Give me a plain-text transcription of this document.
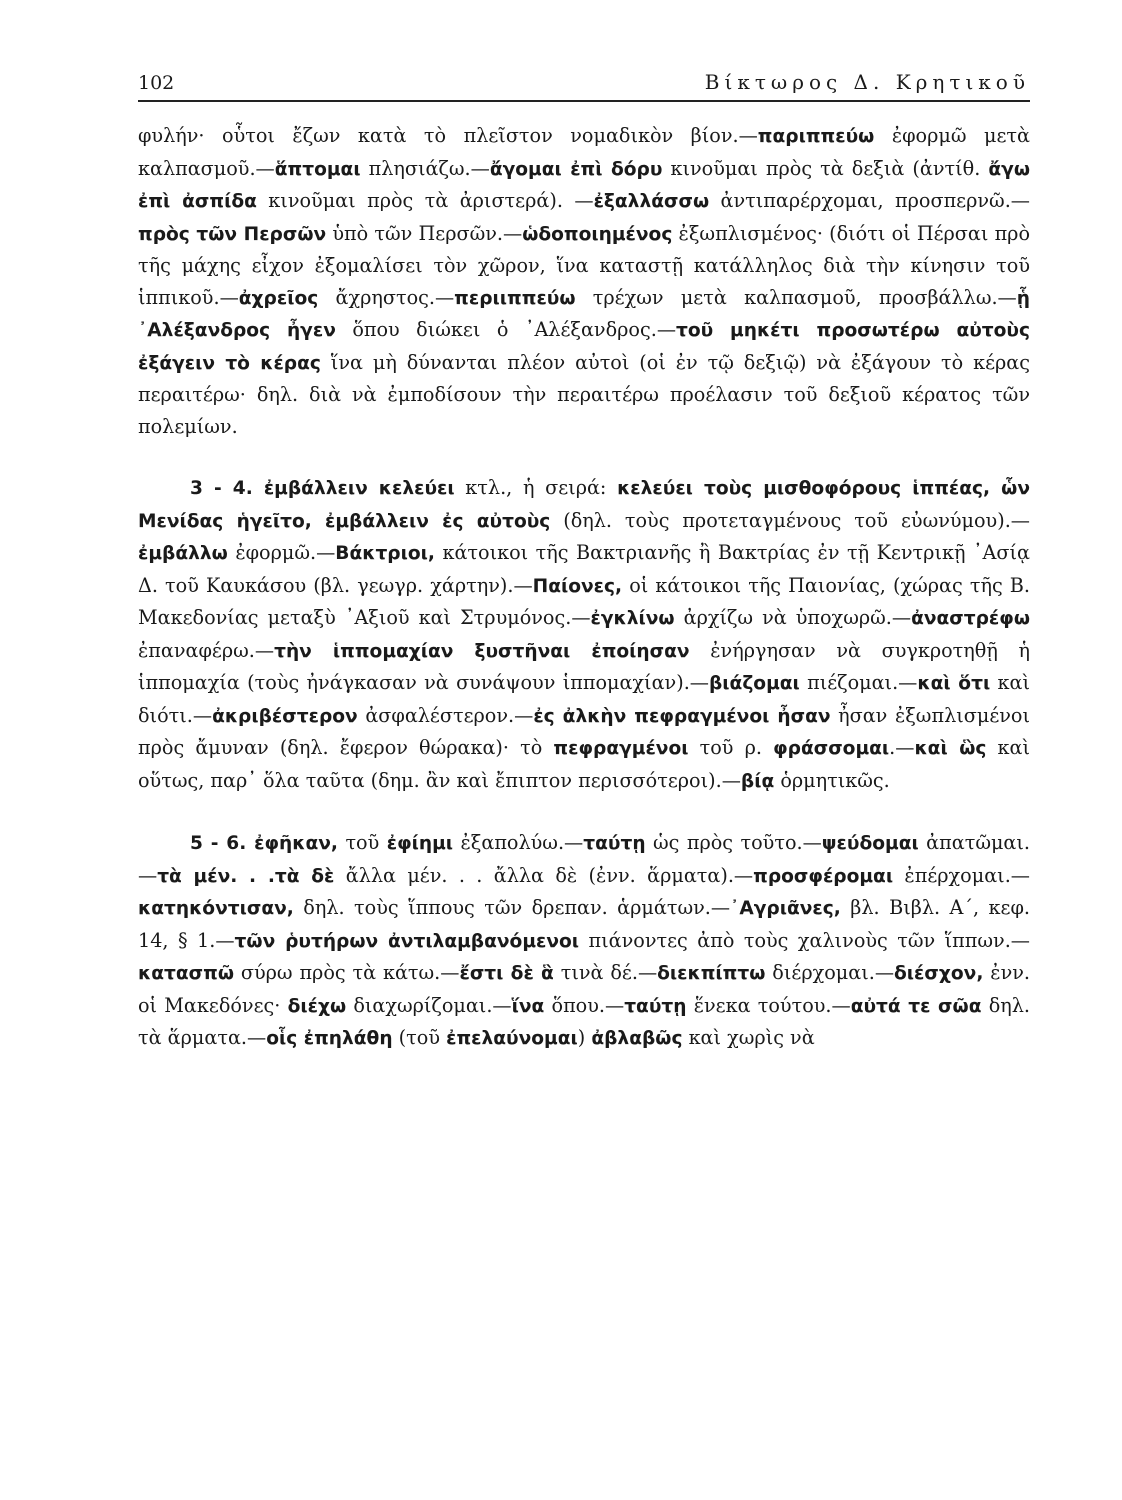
102	Βίκτωρος Δ. Κρητικοῦ

φυλήν· οὗτοι ἔζων κατὰ τὸ πλεῖστον νομαδικὸν βίον.—παριππεύω ἐφορμῶ μετὰ καλπασμοῦ.—ἅπτομαι πλησιάζω.—ἄγομαι ἐπὶ δόρυ κινοῦμαι πρὸς τὰ δεξιὰ (ἀντίθ. ἄγω ἐπὶ ἀσπίδα κινοῦμαι πρὸς τὰ ἀριστερά). —ἐξαλλάσσω ἀντιπαρέρχομαι, προσπερνῶ.—πρὸς τῶν Περσῶν ὑπὸ τῶν Περσῶν.—ὡδοποιημένος ἐξωπλισμένος· (διότι οἱ Πέρσαι πρὸ τῆς μάχης εἶχον ἐξομαλίσει τὸν χῶρον, ἵνα καταστῇ κατάλληλος διὰ τὴν κίνησιν τοῦ ἱππικοῦ.—ἀχρεῖος ἄχρηστος.—περιιππεύω τρέχων μετὰ καλπασμοῦ, προσβάλλω.—ᾗ ᾽Αλέξανδρος ἦγεν ὅπου διώκει ὁ ᾽Αλέξανδρος.—τοῦ μηκέτι προσωτέρω αὐτοὺς ἐξάγειν τὸ κέρας ἵνα μὴ δύνανται πλέον αὐτοὶ (οἱ ἐν τῷ δεξιῷ) νὰ ἐξάγουν τὸ κέρας περαιτέρω· δηλ. διὰ νὰ ἐμποδίσουν τὴν περαιτέρω προέλασιν τοῦ δεξιοῦ κέρατος τῶν πολεμίων.

3 - 4. ἐμβάλλειν κελεύει κτλ., ἡ σειρά: κελεύει τοὺς μισθοφόρους ἱππέας, ὧν Μενίδας ἡγεῖτο, ἐμβάλλειν ἐς αὐτοὺς (δηλ. τοὺς προτεταγμένους τοῦ εὐωνύμου).—ἐμβάλλω ἐφορμῶ.—Βάκτριοι, κάτοικοι τῆς Βακτριανῆς ἢ Βακτρίας ἐν τῇ Κεντρικῇ ᾽Ασίᾳ Δ. τοῦ Καυκάσου (βλ. γεωγρ. χάρτην).—Παίονες, οἱ κάτοικοι τῆς Παιονίας, (χώρας τῆς Β. Μακεδονίας μεταξὺ ᾽Αξιοῦ καὶ Στρυμόνος.—ἐγκλίνω ἀρχίζω νὰ ὑποχωρῶ.—ἀναστρέφω ἐπαναφέρω.—τὴν ἱππομαχίαν ξυστῆναι ἐποίησαν ἐνήργησαν νὰ συγκροτηθῇ ἡ ἱππομαχία (τοὺς ἠνάγκασαν νὰ συνάψουν ἱππομαχίαν).—βιάζομαι πιέζομαι.—καὶ ὅτι καὶ διότι.—ἀκριβέστερον ἀσφαλέστερον.—ἐς ἀλκὴν πεφραγμένοι ἦσαν ἦσαν ἐξωπλισμένοι πρὸς ἄμυναν (δηλ. ἔφερον θώρακα)· τὸ πεφραγμένοι τοῦ ρ. φράσσομαι.—καὶ ὣς καὶ οὕτως, παρ᾽ ὅλα ταῦτα (δημ. ἂν καὶ ἔπιπτον περισσότεροι).—βίᾳ ὁρμητικῶς.

5 - 6. ἐφῆκαν, τοῦ ἐφίημι ἐξαπολύω.—ταύτῃ ὡς πρὸς τοῦτο.—ψεύδομαι ἀπατῶμαι.—τὰ μέν. . .τὰ δὲ ἄλλα μέν. . . ἄλλα δὲ (ἐνν. ἅρματα).—προσφέρομαι ἐπέρχομαι.—κατηκόντισαν, δηλ. τοὺς ἵππους τῶν δρεπαν. ἁρμάτων.—᾽Αγριᾶνες, βλ. Βιβλ. Α΄, κεφ. 14, § 1.—τῶν ῥυτήρων ἀντιλαμβανόμενοι πιάνοντες ἀπὸ τοὺς χαλινοὺς τῶν ἵππων.—κατασπῶ σύρω πρὸς τὰ κάτω.—ἔστι δὲ ἃ τινὰ δέ.—διεκπίπτω διέρχομαι.—διέσχον, ἐνν. οἱ Μακεδόνες· διέχω διαχωρίζομαι.—ἵνα ὅπου.—ταύτῃ ἕνεκα τούτου.—αὐτά τε σῶα δηλ. τὰ ἅρματα.—οἷς ἐπηλάθη (τοῦ ἐπελαύνομαι) ἀβλαβῶς καὶ χωρὶς νὰ
